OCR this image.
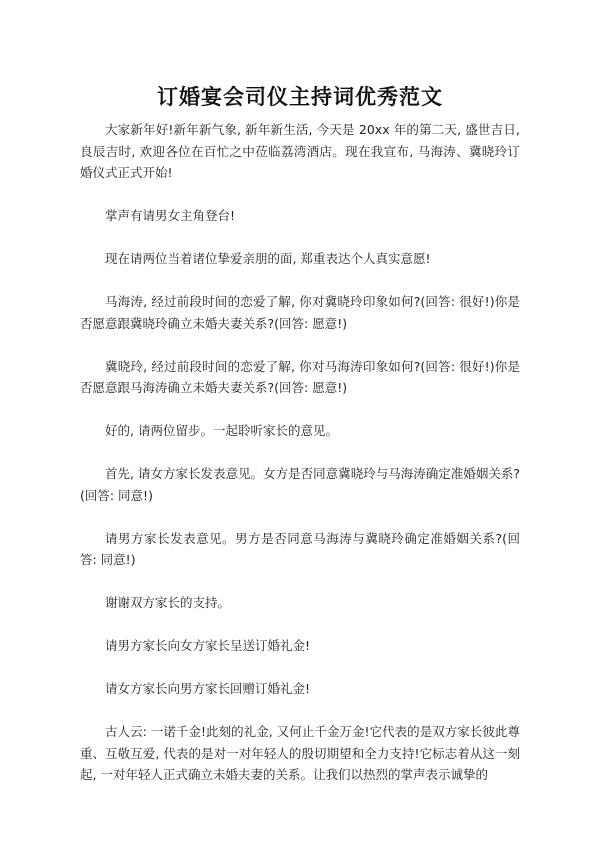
订婚宴会司仪主持词优秀范文

大家新年好!新年新气象, 新年新生活, 今天是 20xx 年的第二天, 盛世吉日, 良辰吉时, 欢迎各位在百忙之中莅临荔湾酒店。现在我宣布, 马海涛、冀晓玲订婚仪式正式开始!

掌声有请男女主角登台!

现在请两位当着诸位挚爱亲朋的面, 郑重表达个人真实意愿!

马海涛, 经过前段时间的恋爱了解, 你对冀晓玲印象如何?(回答: 很好!)你是否愿意跟冀晓玲确立未婚夫妻关系?(回答: 愿意!)

冀晓玲, 经过前段时间的恋爱了解, 你对马海涛印象如何?(回答: 很好!)你是否愿意跟马海涛确立未婚夫妻关系?(回答: 愿意!)

好的, 请两位留步。一起聆听家长的意见。

首先, 请女方家长发表意见。女方是否同意冀晓玲与马海涛确定准婚姻关系?(回答: 同意!)

请男方家长发表意见。男方是否同意马海涛与冀晓玲确定准婚姻关系?(回答: 同意!)

谢谢双方家长的支持。

请男方家长向女方家长呈送订婚礼金!

请女方家长向男方家长回赠订婚礼金!

古人云: 一诺千金!此刻的礼金, 又何止千金万金!它代表的是双方家长彼此尊重、互敬互爱, 代表的是对一对年轻人的殷切期望和全力支持!它标志着从这一刻起, 一对年轻人正式确立未婚夫妻的关系。让我们以热烈的掌声表示诚挚的
